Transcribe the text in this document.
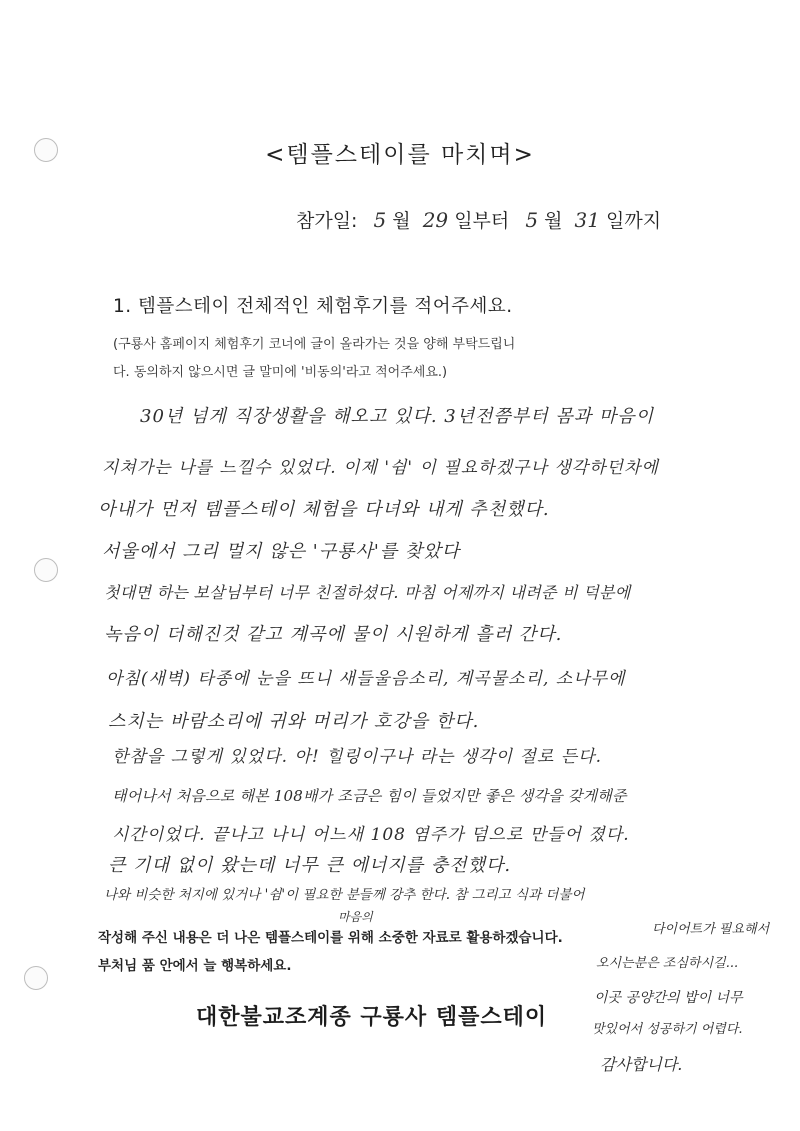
<템플스테이를 마치며>
참가일: 5 월 29 일부터 5 월 31 일까지
1. 템플스테이 전체적인 체험후기를 적어주세요.
(구룡사 홈페이지 체험후기 코너에 글이 올라가는 것을 양해 부탁드립니
다. 동의하지 않으시면 글 말미에 '비동의'라고 적어주세요.)
30년 넘게 직장생활을 해오고 있다. 3년전쯤부터 몸과 마음이
지쳐가는 나를 느낄수 있었다. 이제 '쉼' 이 필요하겠구나 생각하던차에
아내가 먼저 템플스테이 체험을 다녀와 내게 추천했다.
서울에서 그리 멀지 않은 '구룡사'를 찾았다
첫대면 하는 보살님부터 너무 친절하셨다. 마침 어제까지 내려준 비 덕분에
녹음이 더해진것 같고 계곡에 물이 시원하게 흘러 간다.
아침(새벽) 타종에 눈을 뜨니 새들울음소리, 계곡물소리, 소나무에
스치는 바람소리에 귀와 머리가 호강을 한다.
한참을 그렇게 있었다. 아! 힐링이구나 라는 생각이 절로 든다.
태어나서 처음으로 해본 108배가 조금은 힘이 들었지만 좋은 생각을 갖게해준
시간이었다. 끝나고 나니 어느새 108 염주가 덤으로 만들어 졌다.
큰 기대 없이 왔는데 너무 큰 에너지를 충전했다.
나와 비슷한 처지에 있거나 '쉼'이 필요한 분들께 강추 한다. 참 그리고 식과 더불어
마음의
작성해 주신 내용은 더 나은 템플스테이를 위해 소중한 자료로 활용하겠습니다.
부처님 품 안에서 늘 행복하세요.
다이어트가 필요해서
오시는분은 조심하시길...
이곳 공양간의 밥이 너무
맛있어서 성공하기 어렵다.
감사합니다.
대한불교조계종 구룡사 템플스테이
